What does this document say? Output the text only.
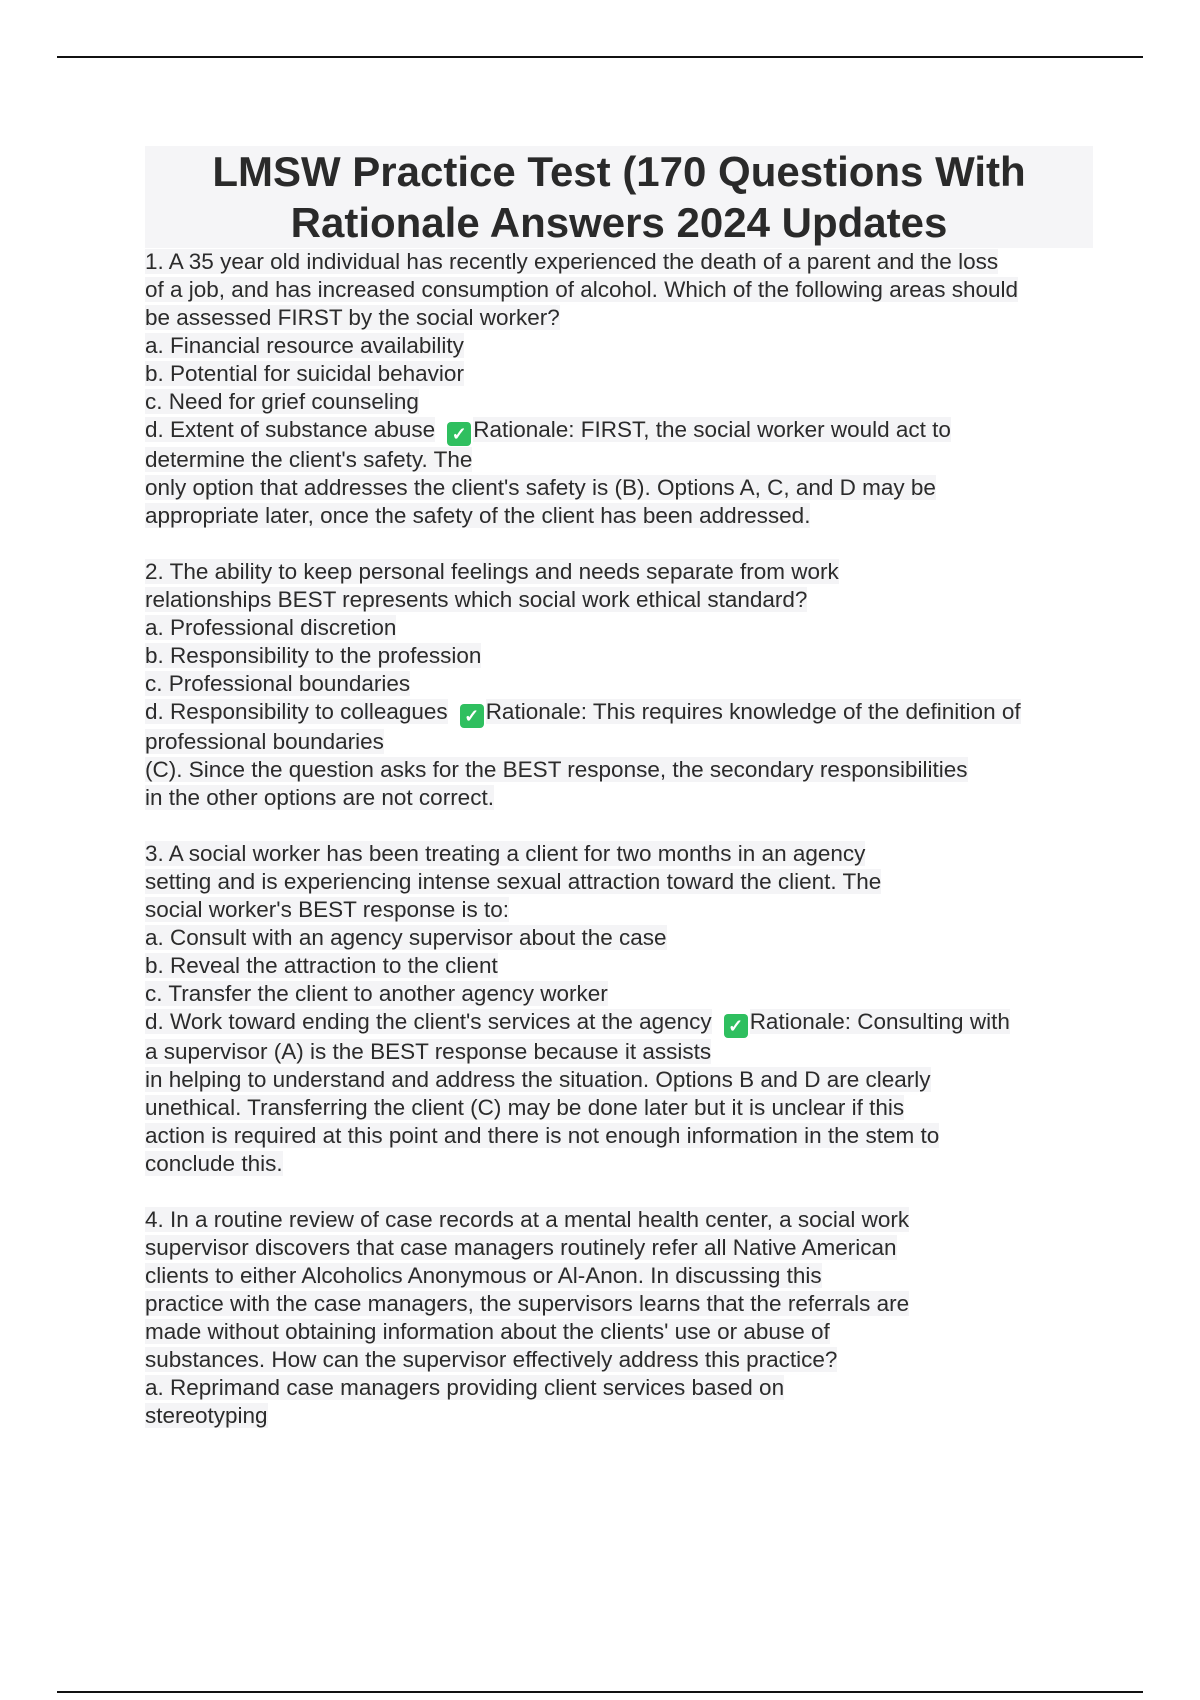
LMSW Practice Test (170 Questions With
Rationale Answers 2024 Updates
1. A 35 year old individual has recently experienced the death of a parent and the loss
of a job, and has increased consumption of alcohol. Which of the following areas should
be assessed FIRST by the social worker?
a. Financial resource availability
b. Potential for suicidal behavior
c. Need for grief counseling
d. Extent of substance abuse ✓ Rationale: FIRST, the social worker would act to
determine the client's safety. The
only option that addresses the client's safety is (B). Options A, C, and D may be
appropriate later, once the safety of the client has been addressed.
2. The ability to keep personal feelings and needs separate from work
relationships BEST represents which social work ethical standard?
a. Professional discretion
b. Responsibility to the profession
c. Professional boundaries
d. Responsibility to colleagues ✓ Rationale: This requires knowledge of the definition of
professional boundaries
(C). Since the question asks for the BEST response, the secondary responsibilities
in the other options are not correct.
3. A social worker has been treating a client for two months in an agency
setting and is experiencing intense sexual attraction toward the client. The
social worker's BEST response is to:
a. Consult with an agency supervisor about the case
b. Reveal the attraction to the client
c. Transfer the client to another agency worker
d. Work toward ending the client's services at the agency ✓ Rationale: Consulting with
a supervisor (A) is the BEST response because it assists
in helping to understand and address the situation. Options B and D are clearly
unethical. Transferring the client (C) may be done later but it is unclear if this
action is required at this point and there is not enough information in the stem to
conclude this.
4. In a routine review of case records at a mental health center, a social work
supervisor discovers that case managers routinely refer all Native American
clients to either Alcoholics Anonymous or Al-Anon. In discussing this
practice with the case managers, the supervisors learns that the referrals are
made without obtaining information about the clients' use or abuse of
substances. How can the supervisor effectively address this practice?
a. Reprimand case managers providing client services based on
stereotyping
